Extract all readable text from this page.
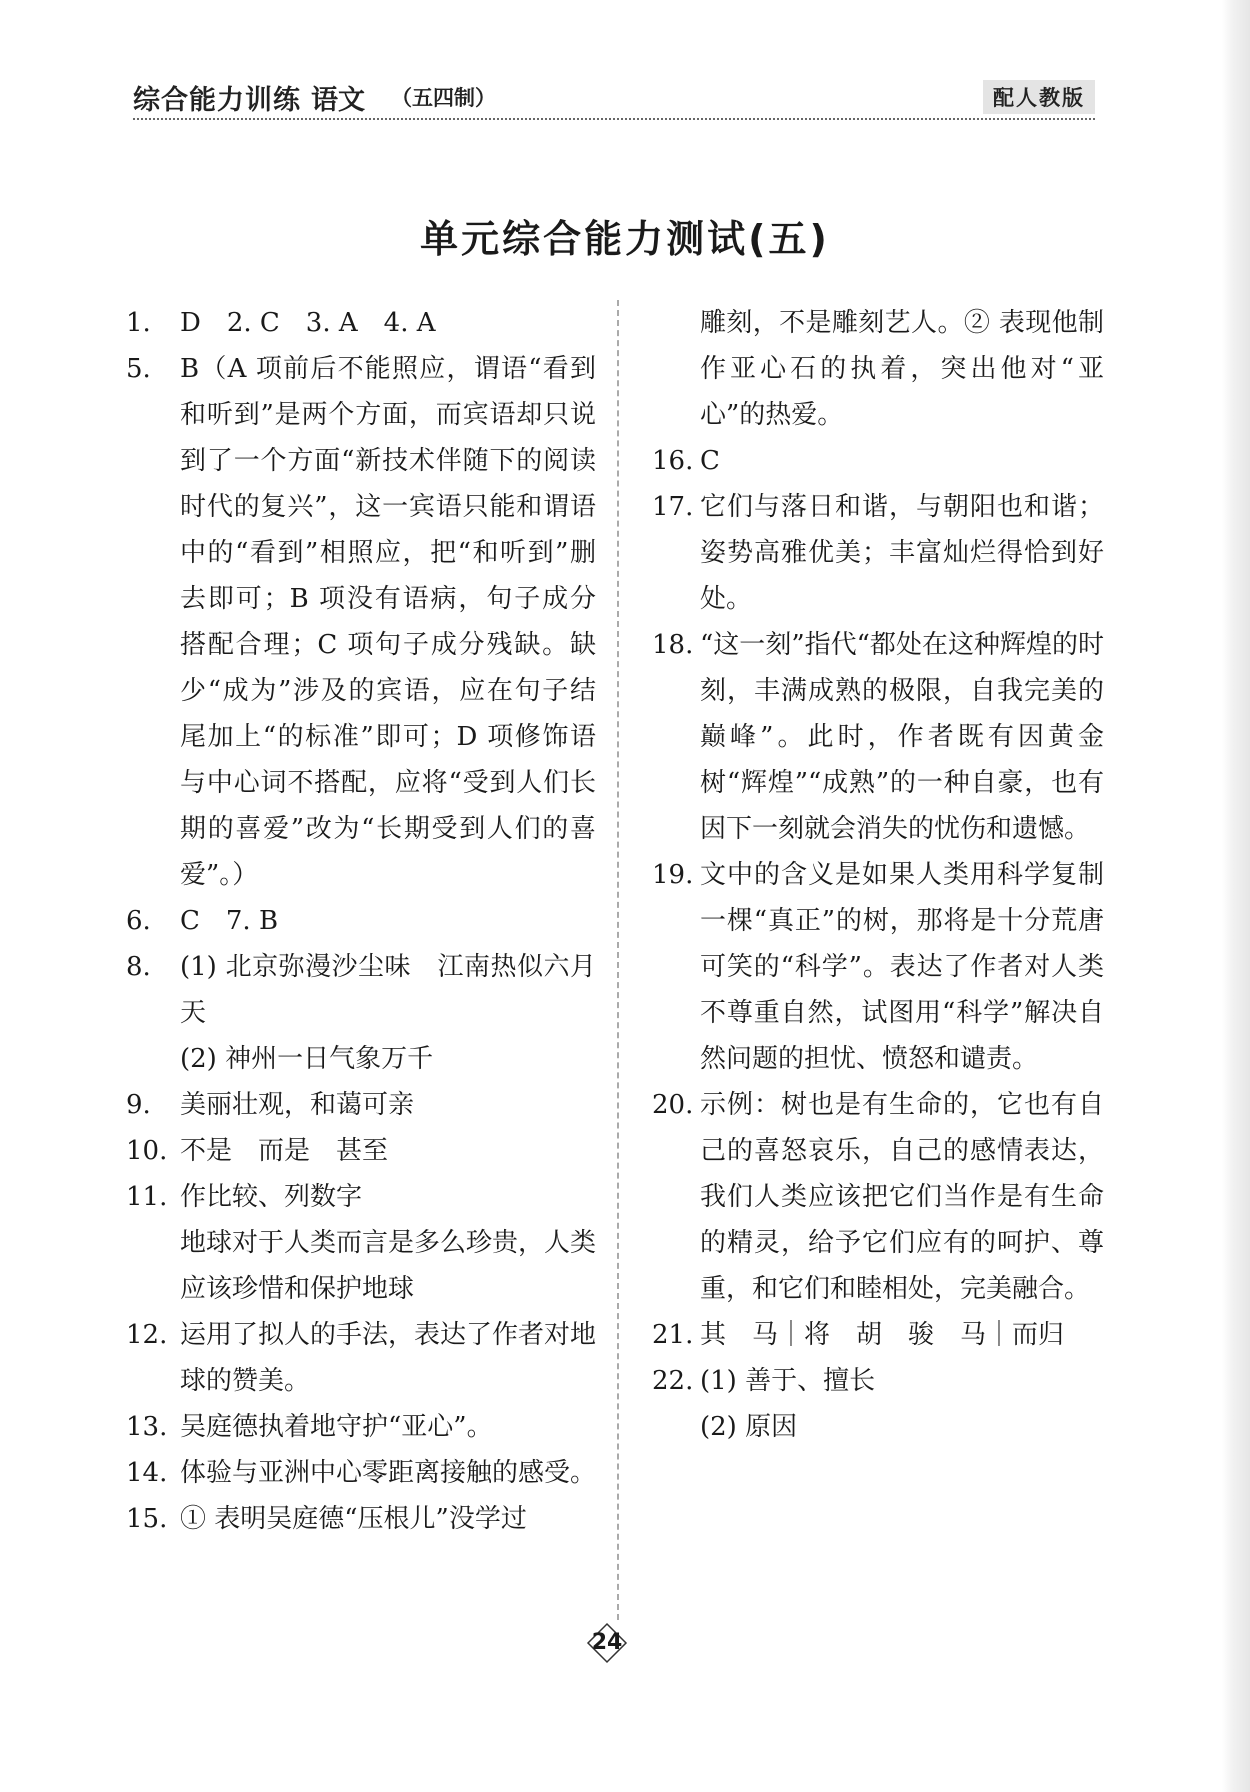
综合能力训练 语文 （五四制）	配人教版
单元综合能力测试(五)
1.	D　2. C　3. A　4. A
5.	B（A 项前后不能照应，谓语“看到和听到”是两个方面，而宾语却只说到了一个方面“新技术伴随下的阅读时代的复兴”，这一宾语只能和谓语中的“看到”相照应，把“和听到”删去即可；B 项没有语病，句子成分搭配合理；C 项句子成分残缺。缺少“成为”涉及的宾语，应在句子结尾加上“的标准”即可；D 项修饰语与中心词不搭配，应将“受到人们长期的喜爱”改为“长期受到人们的喜爱”。）
6.	C　7. B
8.	(1) 北京弥漫沙尘味　江南热似六月天
(2) 神州一日气象万千
9.	美丽壮观，和蔼可亲
10. 不是　而是　甚至
11. 作比较、列数字
地球对于人类而言是多么珍贵，人类应该珍惜和保护地球
12. 运用了拟人的手法，表达了作者对地球的赞美。
13. 吴庭德执着地守护“亚心”。
14. 体验与亚洲中心零距离接触的感受。
15. ① 表明吴庭德“压根儿”没学过
雕刻，不是雕刻艺人。② 表现他制作亚心石的执着，突出他对“亚心”的热爱。
16. C
17. 它们与落日和谐，与朝阳也和谐；姿势高雅优美；丰富灿烂得恰到好处。
18. “这一刻”指代“都处在这种辉煌的时刻，丰满成熟的极限，自我完美的巅峰”。此时，作者既有因黄金树“辉煌”“成熟”的一种自豪，也有因下一刻就会消失的忧伤和遗憾。
19. 文中的含义是如果人类用科学复制一棵“真正”的树，那将是十分荒唐可笑的“科学”。表达了作者对人类不尊重自然，试图用“科学”解决自然问题的担忧、愤怒和谴责。
20. 示例：树也是有生命的，它也有自己的喜怒哀乐，自己的感情表达，我们人类应该把它们当作是有生命的精灵，给予它们应有的呵护、尊重，和它们和睦相处，完美融合。
21. 其　马｜将　胡　骏　马｜而归
22. (1) 善于、擅长
(2) 原因
24
